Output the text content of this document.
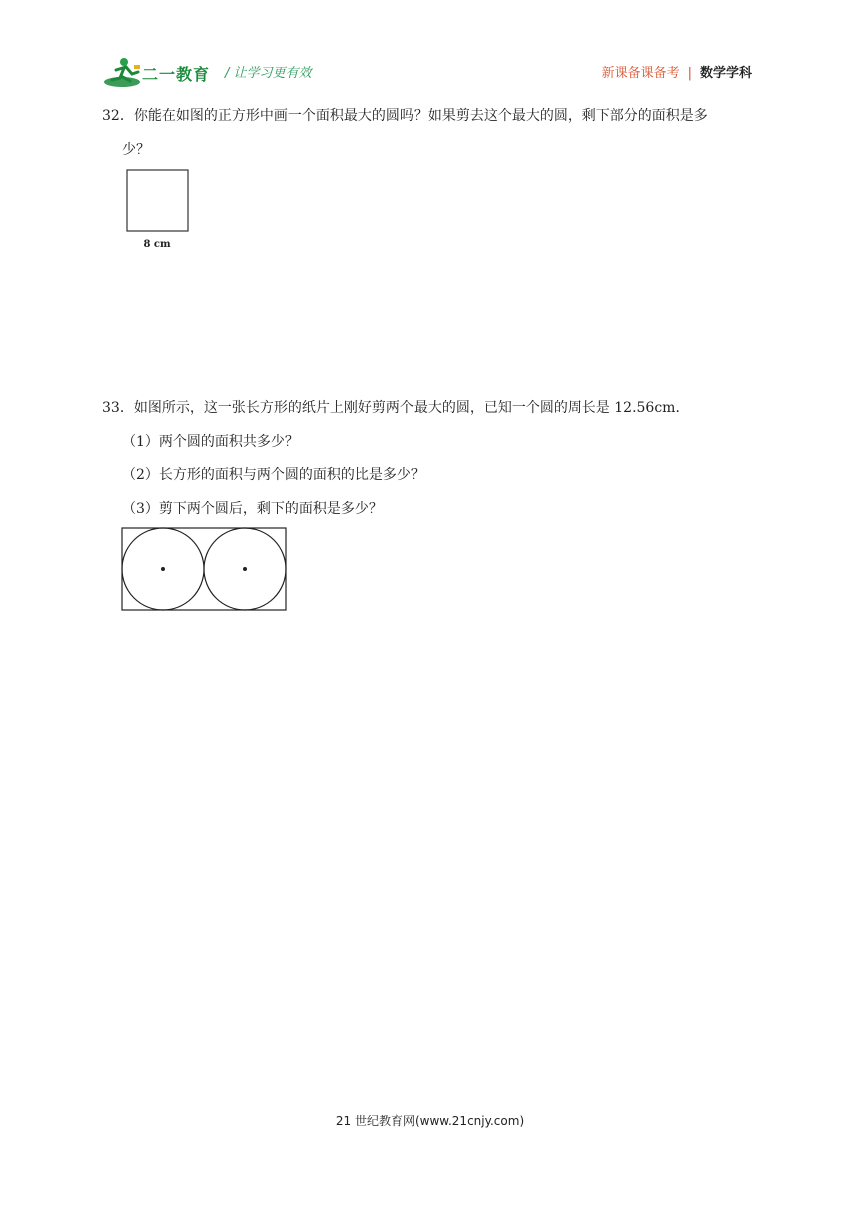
二一教育 / 让学习更有效	新课备课备考 | 数学学科
32．你能在如图的正方形中画一个面积最大的圆吗？如果剪去这个最大的圆，剩下部分的面积是多
少？
8 cm
33．如图所示，这一张长方形的纸片上刚好剪两个最大的圆，已知一个圆的周长是 12.56cm．
（1）两个圆的面积共多少？
（2）长方形的面积与两个圆的面积的比是多少？
（3）剪下两个圆后，剩下的面积是多少？
21 世纪教育网(www.21cnjy.com)
